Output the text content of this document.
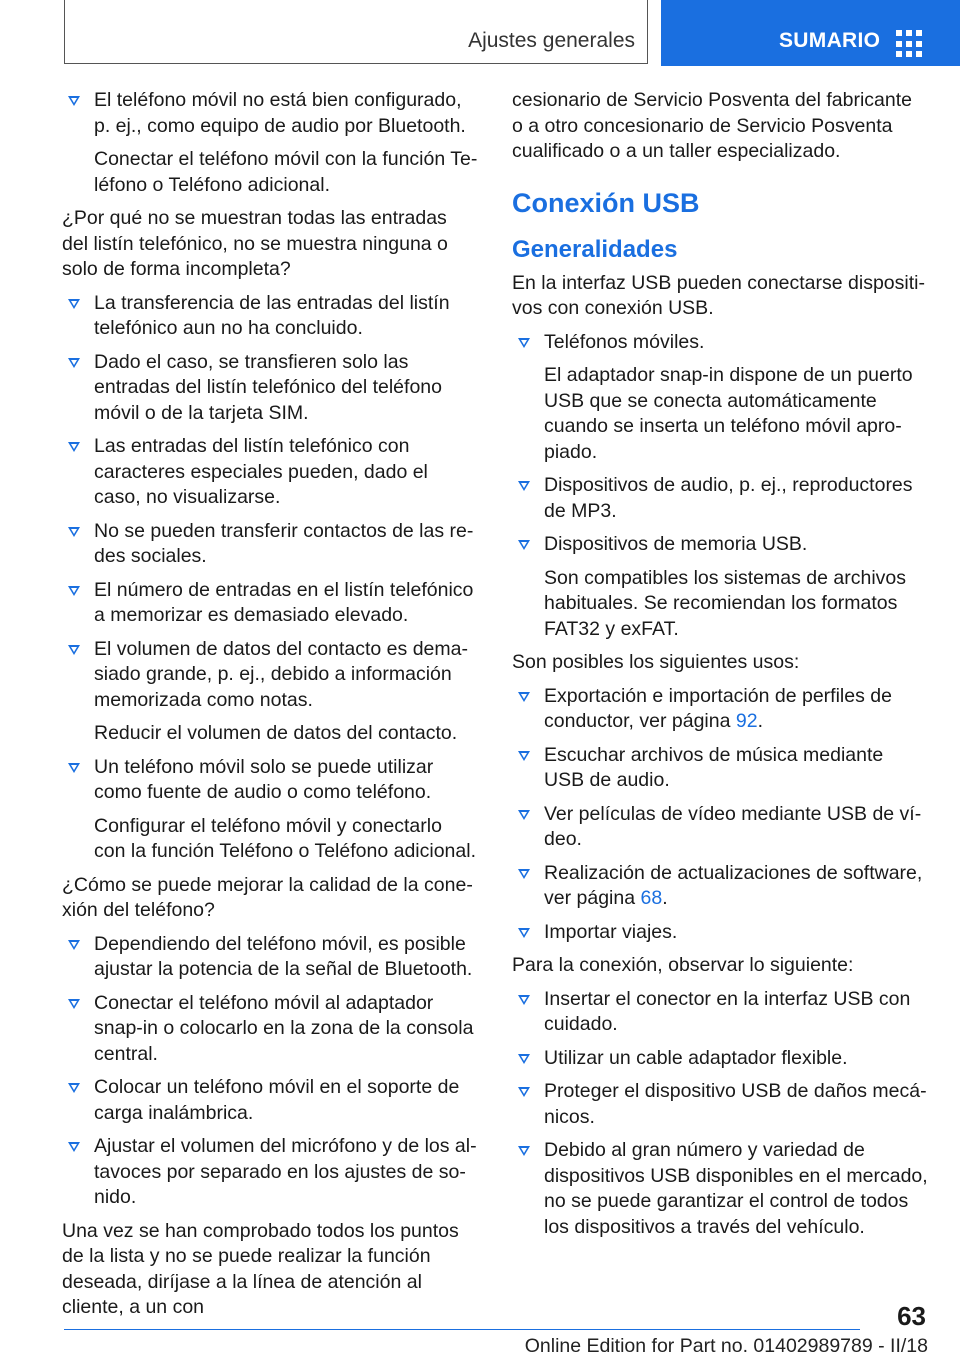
Ajustes generales	SUMARIO
El teléfono móvil no está bien configurado, p. ej., como equipo de audio por Bluetooth.
Conectar el teléfono móvil con la función Teléfono o Teléfono adicional.
¿Por qué no se muestran todas las entradas del listín telefónico, no se muestra ninguna o solo de forma incompleta?
La transferencia de las entradas del listín telefónico aun no ha concluido.
Dado el caso, se transfieren solo las entradas del listín telefónico del teléfono móvil o de la tarjeta SIM.
Las entradas del listín telefónico con caracteres especiales pueden, dado el caso, no visualizarse.
No se pueden transferir contactos de las redes sociales.
El número de entradas en el listín telefónico a memorizar es demasiado elevado.
El volumen de datos del contacto es demasiado grande, p. ej., debido a información memorizada como notas.
Reducir el volumen de datos del contacto.
Un teléfono móvil solo se puede utilizar como fuente de audio o como teléfono.
Configurar el teléfono móvil y conectarlo con la función Teléfono o Teléfono adicional.
¿Cómo se puede mejorar la calidad de la conexión del teléfono?
Dependiendo del teléfono móvil, es posible ajustar la potencia de la señal de Bluetooth.
Conectar el teléfono móvil al adaptador snap-in o colocarlo en la zona de la consola central.
Colocar un teléfono móvil en el soporte de carga inalámbrica.
Ajustar el volumen del micrófono y de los altavoces por separado en los ajustes de sonido.
Una vez se han comprobado todos los puntos de la lista y no se puede realizar la función deseada, diríjase a la línea de atención al cliente, a un con
cesionario de Servicio Posventa del fabricante o a otro concesionario de Servicio Posventa cualificado o a un taller especializado.
Conexión USB
Generalidades
En la interfaz USB pueden conectarse dispositivos con conexión USB.
Teléfonos móviles.
El adaptador snap-in dispone de un puerto USB que se conecta automáticamente cuando se inserta un teléfono móvil apropiado.
Dispositivos de audio, p. ej., reproductores de MP3.
Dispositivos de memoria USB.
Son compatibles los sistemas de archivos habituales. Se recomiendan los formatos FAT32 y exFAT.
Son posibles los siguientes usos:
Exportación e importación de perfiles de conductor, ver página 92.
Escuchar archivos de música mediante USB de audio.
Ver películas de vídeo mediante USB de vídeo.
Realización de actualizaciones de software, ver página 68.
Importar viajes.
Para la conexión, observar lo siguiente:
Insertar el conector en la interfaz USB con cuidado.
Utilizar un cable adaptador flexible.
Proteger el dispositivo USB de daños mecánicos.
Debido al gran número y variedad de dispositivos USB disponibles en el mercado, no se puede garantizar el control de todos los dispositivos a través del vehículo.
63
Online Edition for Part no. 01402989789 - II/18
